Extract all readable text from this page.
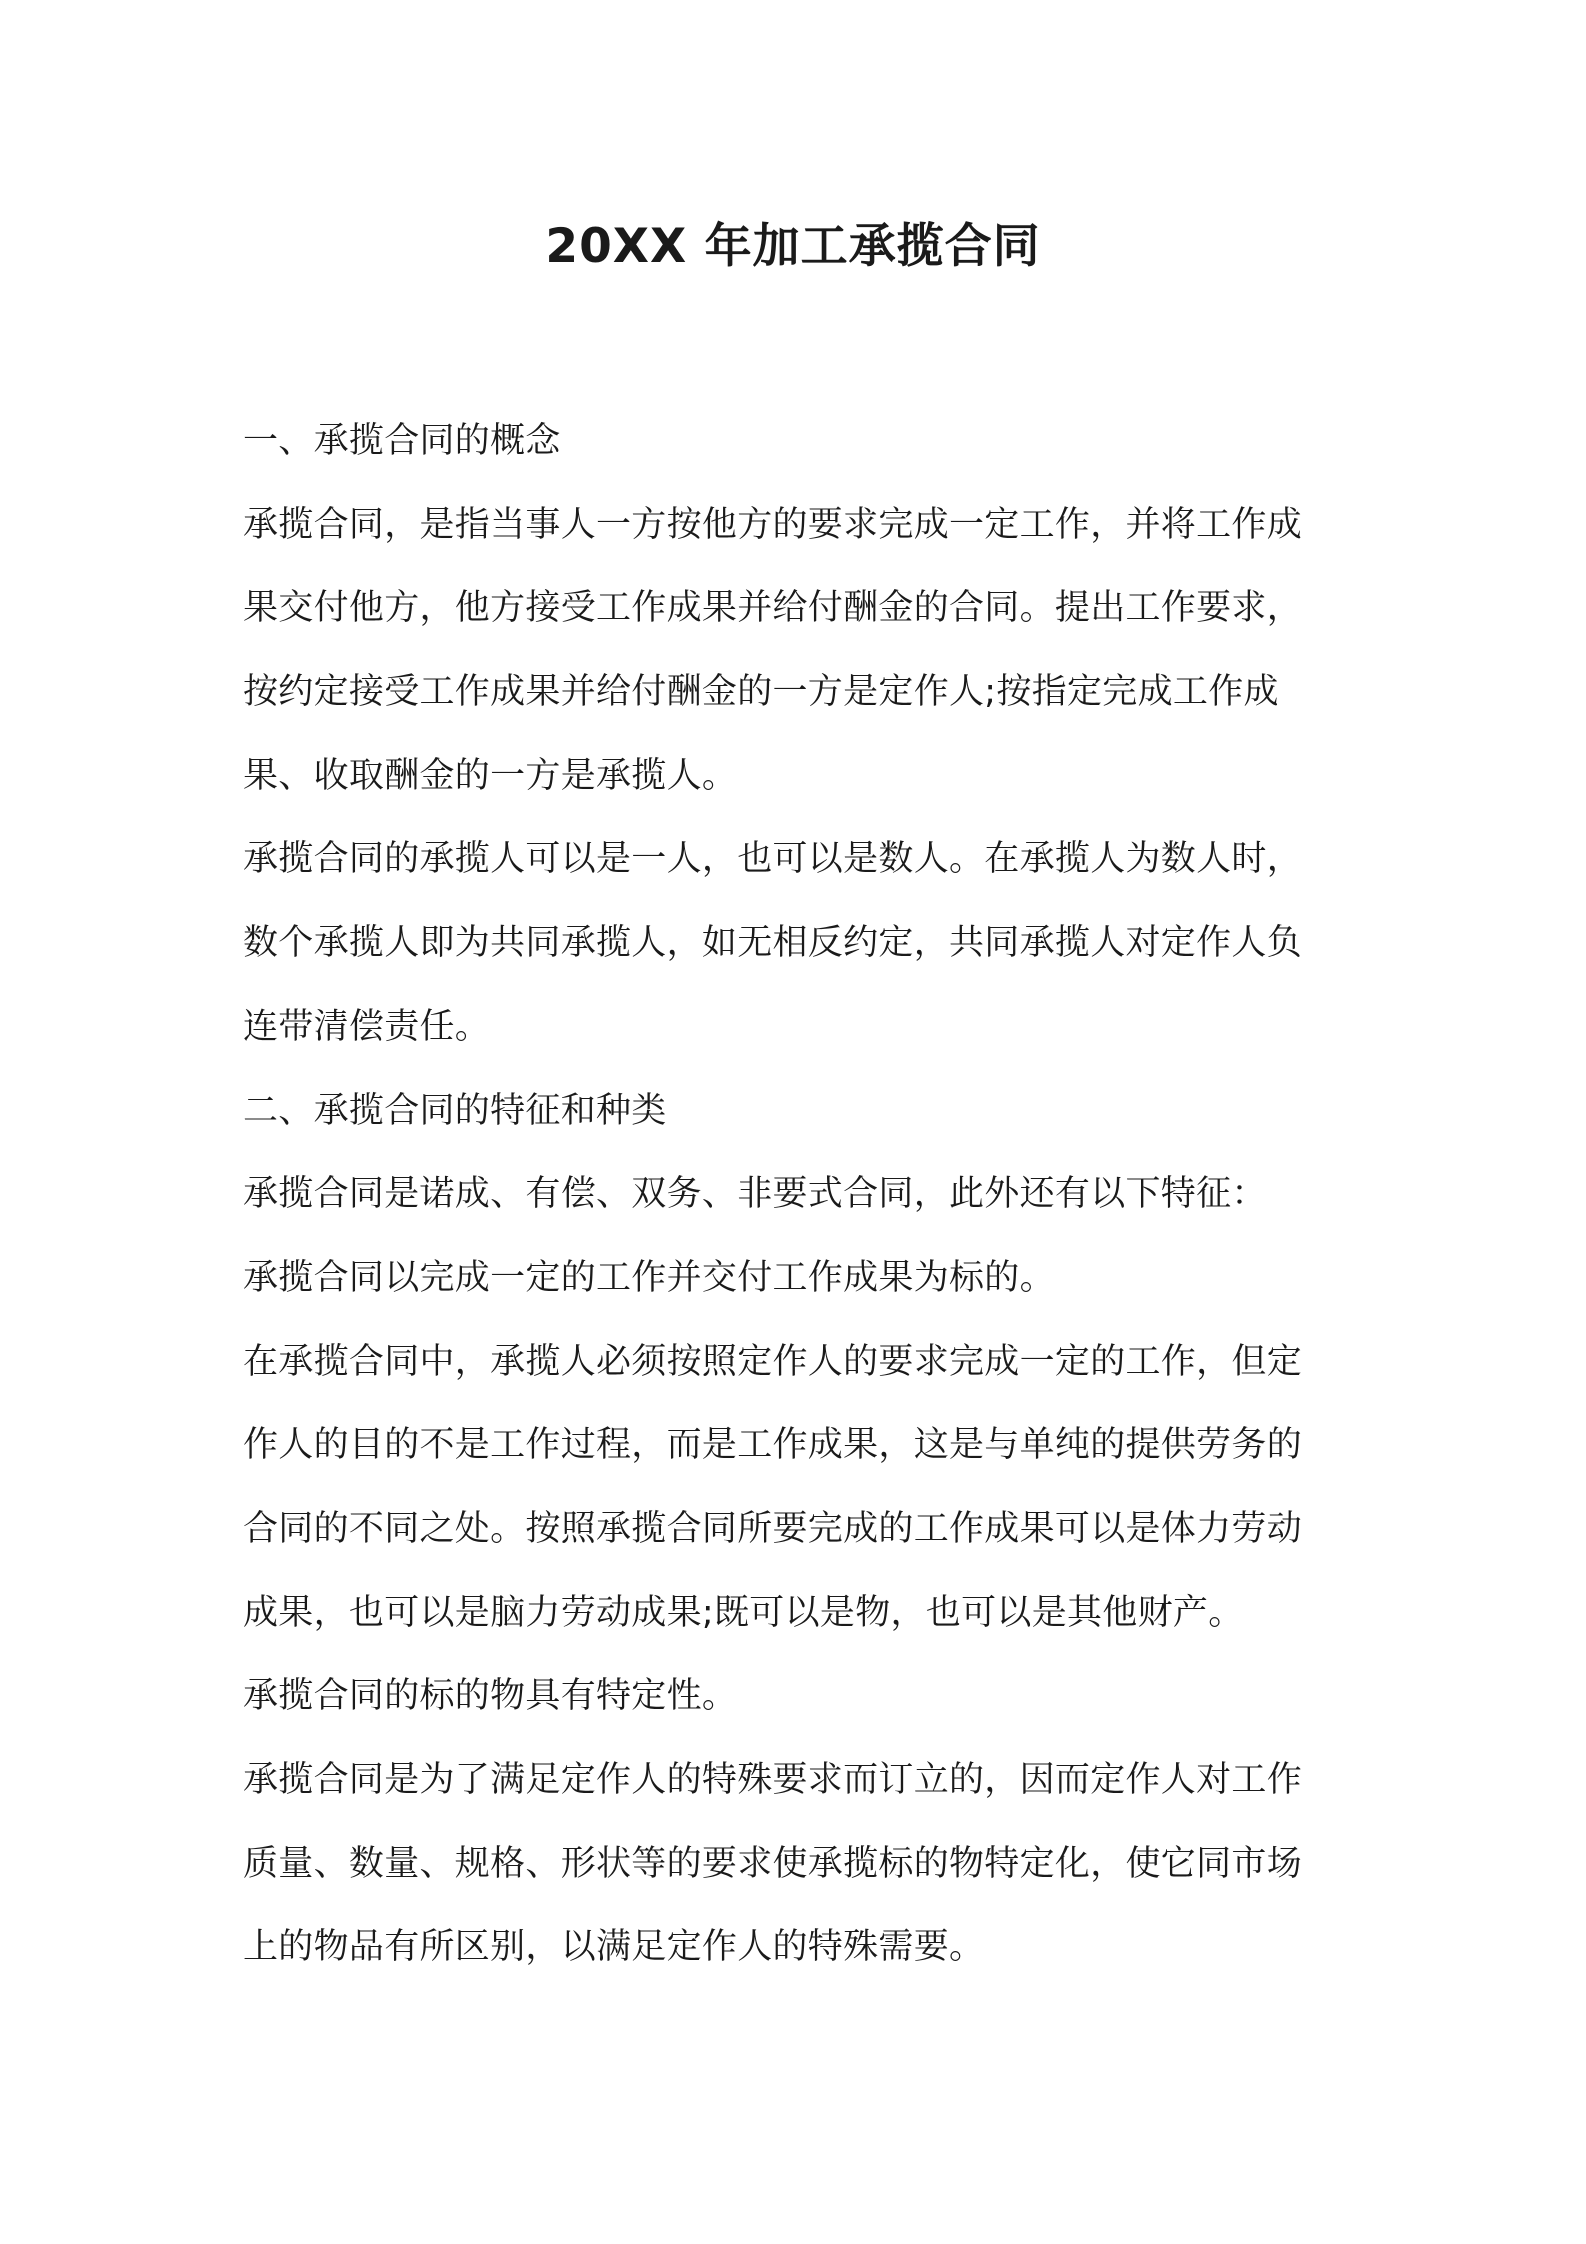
20XX 年加工承揽合同

一、承揽合同的概念

承揽合同，是指当事人一方按他方的要求完成一定工作，并将工作成

果交付他方，他方接受工作成果并给付酬金的合同。提出工作要求，

按约定接受工作成果并给付酬金的一方是定作人;按指定完成工作成

果、收取酬金的一方是承揽人。

承揽合同的承揽人可以是一人，也可以是数人。在承揽人为数人时，

数个承揽人即为共同承揽人，如无相反约定，共同承揽人对定作人负

连带清偿责任。

二、承揽合同的特征和种类

承揽合同是诺成、有偿、双务、非要式合同，此外还有以下特征：

承揽合同以完成一定的工作并交付工作成果为标的。

在承揽合同中，承揽人必须按照定作人的要求完成一定的工作，但定

作人的目的不是工作过程，而是工作成果，这是与单纯的提供劳务的

合同的不同之处。按照承揽合同所要完成的工作成果可以是体力劳动

成果，也可以是脑力劳动成果;既可以是物，也可以是其他财产。

承揽合同的标的物具有特定性。

承揽合同是为了满足定作人的特殊要求而订立的，因而定作人对工作

质量、数量、规格、形状等的要求使承揽标的物特定化，使它同市场

上的物品有所区别，以满足定作人的特殊需要。
